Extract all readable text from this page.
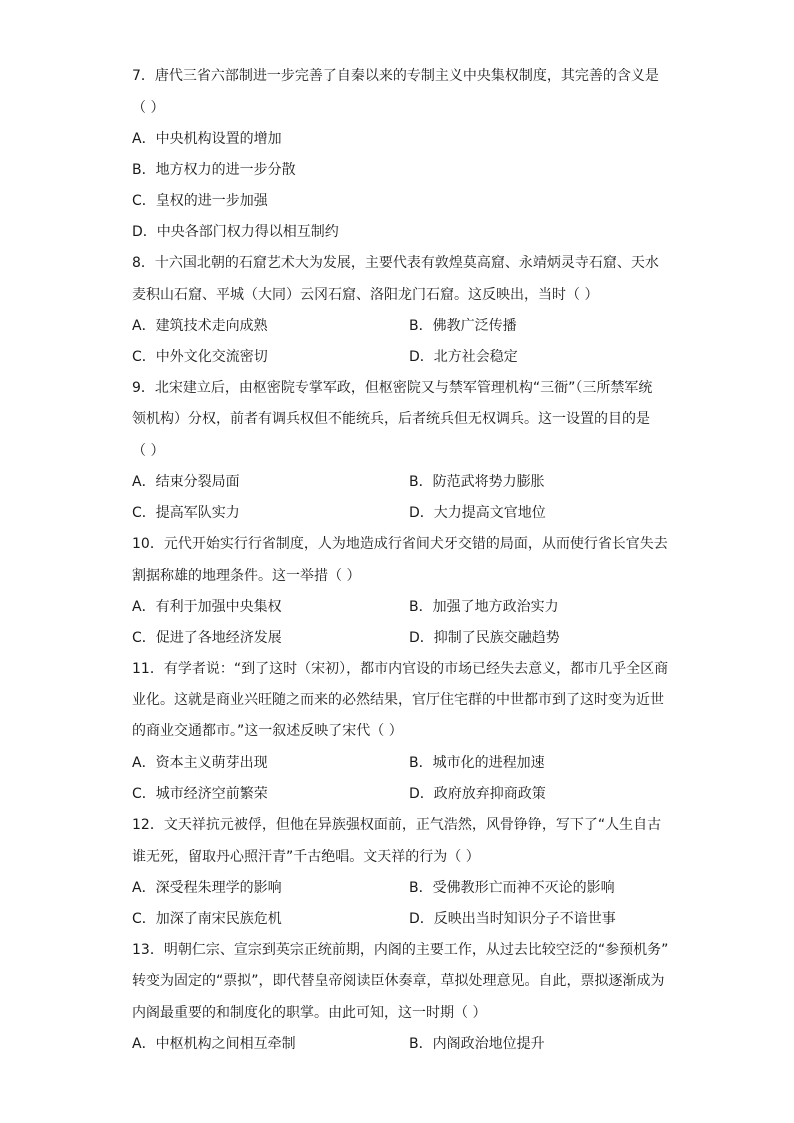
7．唐代三省六部制进一步完善了自秦以来的专制主义中央集权制度，其完善的含义是
（ ）
A．中央机构设置的增加
B．地方权力的进一步分散
C．皇权的进一步加强
D．中央各部门权力得以相互制约
8．十六国北朝的石窟艺术大为发展，主要代表有敦煌莫高窟、永靖炳灵寺石窟、天水
麦积山石窟、平城（大同）云冈石窟、洛阳龙门石窟。这反映出，当时（ ）
A．建筑技术走向成熟	B．佛教广泛传播
C．中外文化交流密切	D．北方社会稳定
9．北宋建立后，由枢密院专掌军政，但枢密院又与禁军管理机构“三衙”（三所禁军统
领机构）分权，前者有调兵权但不能统兵，后者统兵但无权调兵。这一设置的目的是
（ ）
A．结束分裂局面	B．防范武将势力膨胀
C．提高军队实力	D．大力提高文官地位
10．元代开始实行行省制度，人为地造成行省间犬牙交错的局面，从而使行省长官失去
割据称雄的地理条件。这一举措（ ）
A．有利于加强中央集权	B．加强了地方政治实力
C．促进了各地经济发展	D．抑制了民族交融趋势
11．有学者说：“到了这时（宋初），都市内官设的市场已经失去意义，都市几乎全区商
业化。这就是商业兴旺随之而来的必然结果，官厅住宅群的中世都市到了这时变为近世
的商业交通都市。”这一叙述反映了宋代（ ）
A．资本主义萌芽出现	B．城市化的进程加速
C．城市经济空前繁荣	D．政府放弃抑商政策
12．文天祥抗元被俘，但他在异族强权面前，正气浩然，风骨铮铮，写下了“人生自古
谁无死，留取丹心照汗青”千古绝唱。文天祥的行为（ ）
A．深受程朱理学的影响	B．受佛教形亡而神不灭论的影响
C．加深了南宋民族危机	D．反映出当时知识分子不谙世事
13．明朝仁宗、宣宗到英宗正统前期，内阁的主要工作，从过去比较空泛的“参预机务”
转变为固定的“票拟”，即代替皇帝阅读臣休奏章，草拟处理意见。自此，票拟逐渐成为
内阁最重要的和制度化的职掌。由此可知，这一时期（ ）
A．中枢机构之间相互牵制	B．内阁政治地位提升
